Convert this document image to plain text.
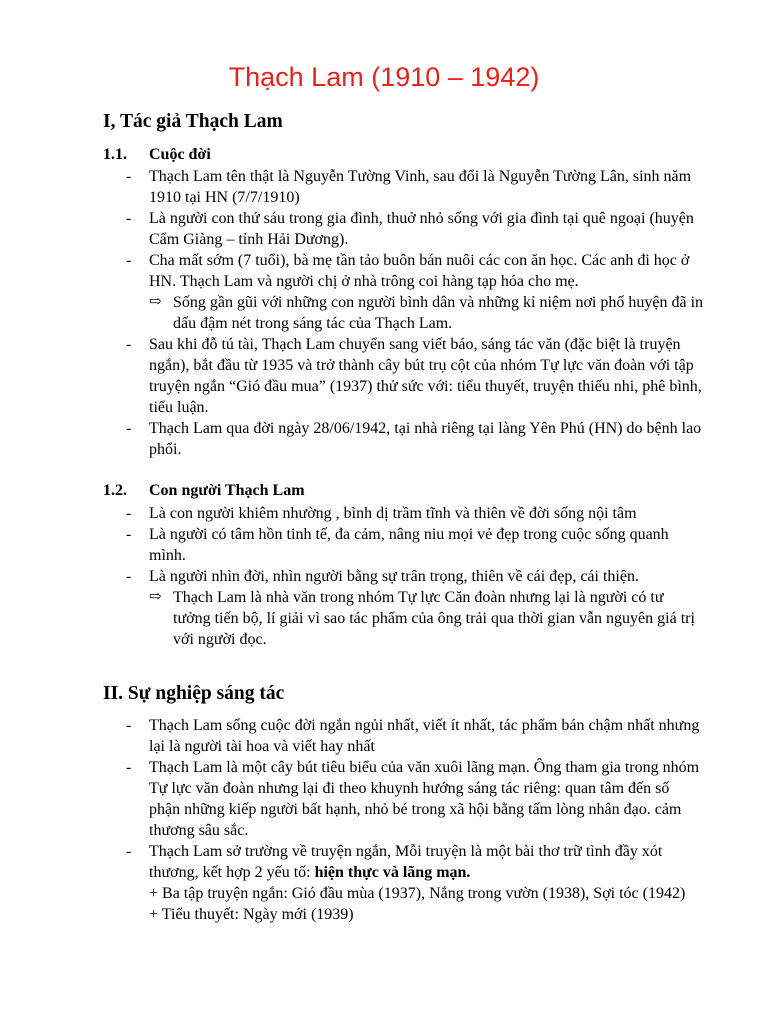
Thạch Lam (1910 – 1942)
I, Tác giả Thạch Lam
1.1. Cuộc đời
- Thạch Lam tên thật là Nguyễn Tường Vinh, sau đổi là Nguyễn Tường Lân, sinh năm 1910 tại HN (7/7/1910)
- Là người con thứ sáu trong gia đình, thuở nhỏ sống với gia đình tại quê ngoại (huyện Cẩm Giàng – tỉnh Hải Dương).
- Cha mất sớm (7 tuổi), bà mẹ tần tảo buôn bán nuôi các con ăn học. Các anh đi học ở HN. Thạch Lam và người chị ở nhà trông coi hàng tạp hóa cho mẹ.
⇨ Sống gần gũi với những con người bình dân và những kỉ niệm nơi phố huyện đã in dấu đậm nét trong sáng tác của Thạch Lam.
- Sau khi đỗ tú tài, Thạch Lam chuyển sang viết báo, sáng tác văn (đặc biệt là truyện ngắn), bắt đầu từ 1935 và trở thành cây bút trụ cột của nhóm Tự lực văn đoàn với tập truyện ngắn “Gió đầu mua” (1937) thử sức với: tiểu thuyết, truyện thiếu nhi, phê bình, tiểu luận.
- Thạch Lam qua đời ngày 28/06/1942, tại nhà riêng tại làng Yên Phú (HN) do bệnh lao phổi.
1.2. Con người Thạch Lam
- Là con người khiêm nhường , bình dị trầm tĩnh và thiên về đời sống nội tâm
- Là người có tâm hồn tinh tế, đa cảm, nâng niu mọi vẻ đẹp trong cuộc sống quanh mình.
- Là người nhìn đời, nhìn người bằng sự trân trọng, thiên về cái đẹp, cái thiện.
⇨ Thạch Lam là nhà văn trong nhóm Tự lực Căn đoàn nhưng lại là người có tư tưởng tiến bộ, lí giải vì sao tác phẩm của ông trải qua thời gian vẫn nguyên giá trị với người đọc.
II. Sự nghiệp sáng tác
- Thạch Lam sống cuộc đời ngắn ngủi nhất, viết ít nhất, tác phẩm bán chậm nhất nhưng lại là người tài hoa và viết hay nhất
- Thạch Lam là một cây bút tiêu biểu của văn xuôi lãng mạn. Ông tham gia trong nhóm Tự lực văn đoàn nhưng lại đi theo khuynh hướng sáng tác riêng: quan tâm đến số phận những kiếp người bất hạnh, nhỏ bé trong xã hội bằng tấm lòng nhân đạo. cảm thương sâu sắc.
- Thạch Lam sở trường về truyện ngắn, Mỗi truyện là một bài thơ trữ tình đầy xót thương, kết hợp 2 yếu tố: hiện thực và lãng mạn.
+ Ba tập truyện ngắn: Gió đầu mùa (1937), Nắng trong vườn (1938), Sợi tóc (1942)
+ Tiểu thuyết: Ngày mới (1939)
